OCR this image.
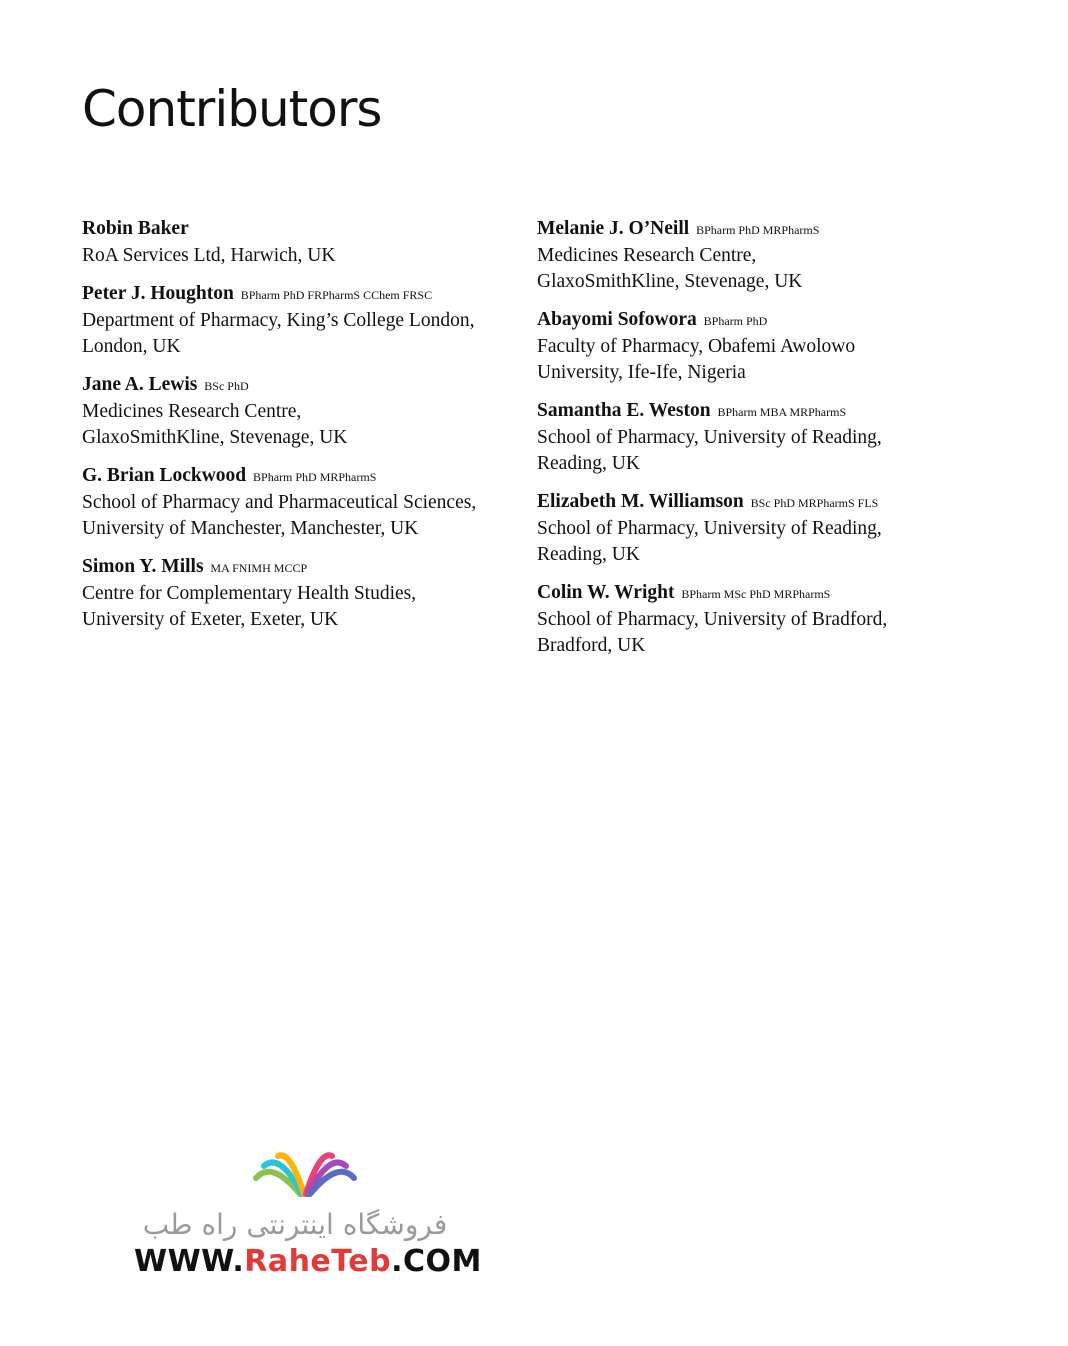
Contributors

Robin Baker
RoA Services Ltd, Harwich, UK

Peter J. Houghton BPharm PhD FRPharmS CChem FRSC
Department of Pharmacy, King’s College London,
London, UK

Jane A. Lewis BSc PhD
Medicines Research Centre,
GlaxoSmithKline, Stevenage, UK

G. Brian Lockwood BPharm PhD MRPharmS
School of Pharmacy and Pharmaceutical Sciences,
University of Manchester, Manchester, UK

Simon Y. Mills MA FNIMH MCCP
Centre for Complementary Health Studies,
University of Exeter, Exeter, UK

Melanie J. O’Neill BPharm PhD MRPharmS
Medicines Research Centre,
GlaxoSmithKline, Stevenage, UK

Abayomi Sofowora BPharm PhD
Faculty of Pharmacy, Obafemi Awolowo
University, Ife-Ife, Nigeria

Samantha E. Weston BPharm MBA MRPharmS
School of Pharmacy, University of Reading,
Reading, UK

Elizabeth M. Williamson BSc PhD MRPharmS FLS
School of Pharmacy, University of Reading,
Reading, UK

Colin W. Wright BPharm MSc PhD MRPharmS
School of Pharmacy, University of Bradford,
Bradford, UK

فروشگاه اینترنتی راه طب
WWW.RaheTeb.COM
